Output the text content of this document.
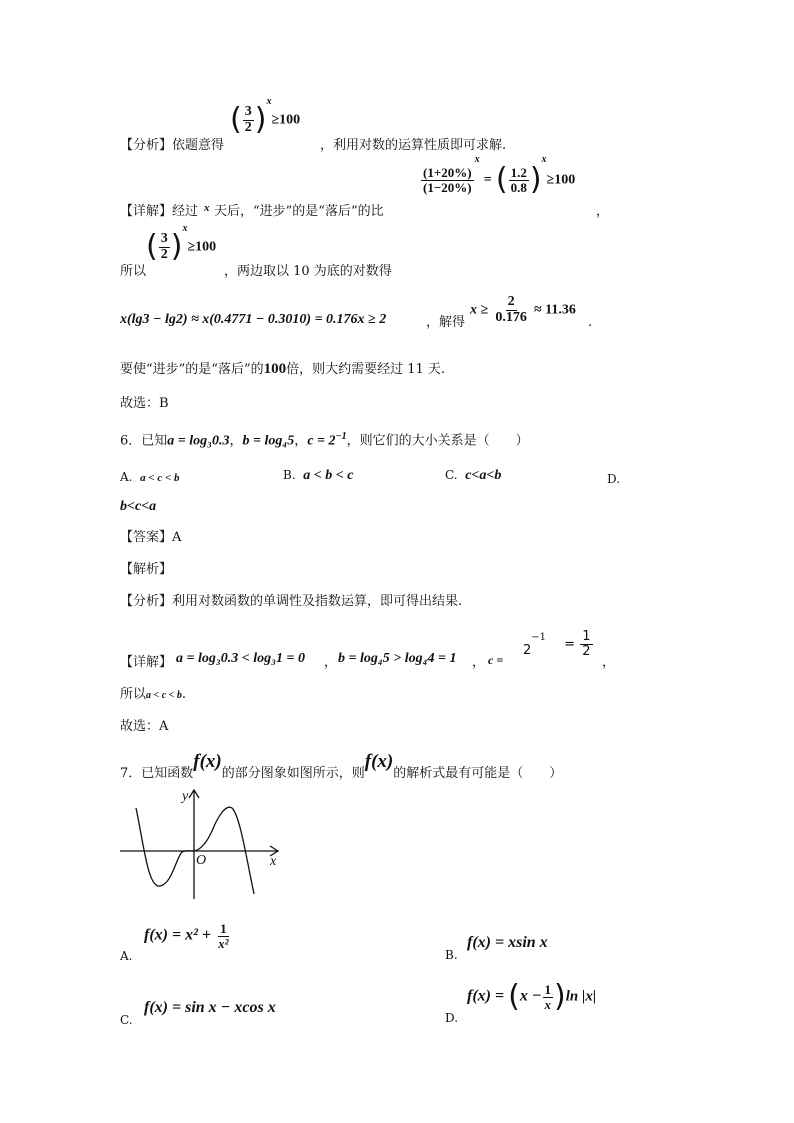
【分析】依题意得
( $\frac{3}{2} )^x\ge 100$
，利用对数的运算性质即可求解.
【详解】经过 x 天后，“进步”的是“落后”的比
$\frac{(1+20\%)}{(1-20\%)}$
$^x$ = ( $\frac{1.2}{0.8} )^x\ge 100$
，
所以
( $\frac{3}{2} )^x\ge 100$
，两边取以 10 为底的对数得
x(lg3 − lg2) ≈ x(0.4771 − 0.3010) = 0.176x ≥ 2	，解得
$x \ge \frac{2}{0.176} \approx 11.36$
.
要使“进步”的是“落后”的100倍，则大约需要经过 11 天.
故选：B
6．已知a = log₃0.3，b = log₄5，$c = 2^{-1}$，则它们的大小关系是（　　）
A. a < c < b	B. a < b < c	C. c<a<b	D.
b<c<a
【答案】A
【解析】
【分析】利用对数函数的单调性及指数运算，即可得出结果.
【详解】 a = log₃0.3 < log₃1 = 0 ， b = log₄5 > log₄4 = 1 ， c =
$2^{-1} = \frac{1}{2}$
，
所以a < c < b.
故选：A
7．已知函数f(x)的部分图象如图所示，则f(x)的解析式最有可能是（　　）
y
x
O
A.
$f(x) = x^2 + \frac{1}{\text{x²}}$
B.
f(x) = xsin x
C.
f(x) = sin x − xcos x
D.
$f(x) = (x - \frac{1}{x} )\ln$ |x|
